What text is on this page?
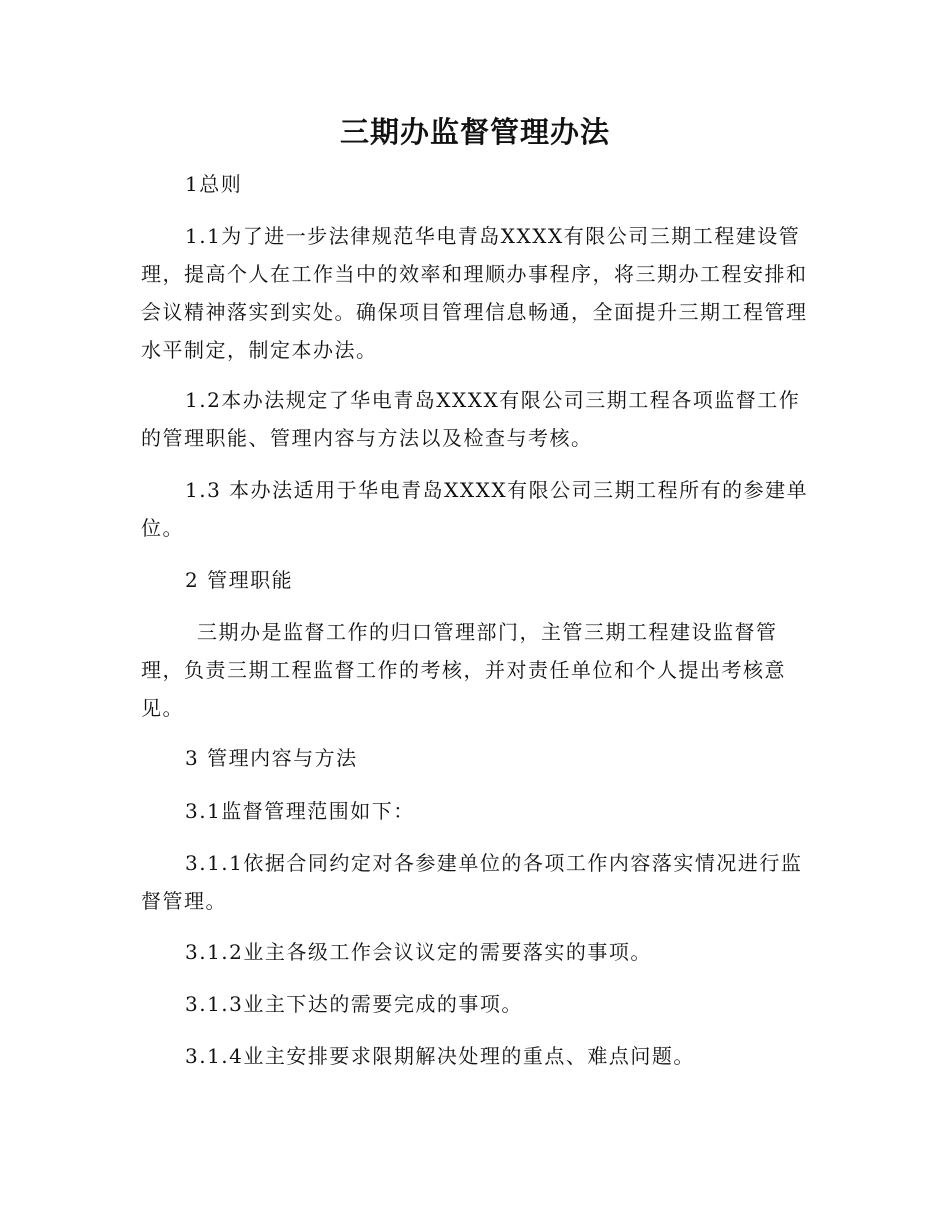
三期办监督管理办法

1总则

1.1为了进一步法律规范华电青岛XXXX有限公司三期工程建设管理，提高个人在工作当中的效率和理顺办事程序，将三期办工程安排和会议精神落实到实处。确保项目管理信息畅通，全面提升三期工程管理水平制定，制定本办法。

1.2本办法规定了华电青岛XXXX有限公司三期工程各项监督工作的管理职能、管理内容与方法以及检查与考核。

1.3 本办法适用于华电青岛XXXX有限公司三期工程所有的参建单位。

2 管理职能

三期办是监督工作的归口管理部门，主管三期工程建设监督管理，负责三期工程监督工作的考核，并对责任单位和个人提出考核意见。

3 管理内容与方法

3.1监督管理范围如下：

3.1.1依据合同约定对各参建单位的各项工作内容落实情况进行监督管理。

3.1.2业主各级工作会议议定的需要落实的事项。

3.1.3业主下达的需要完成的事项。

3.1.4业主安排要求限期解决处理的重点、难点问题。
